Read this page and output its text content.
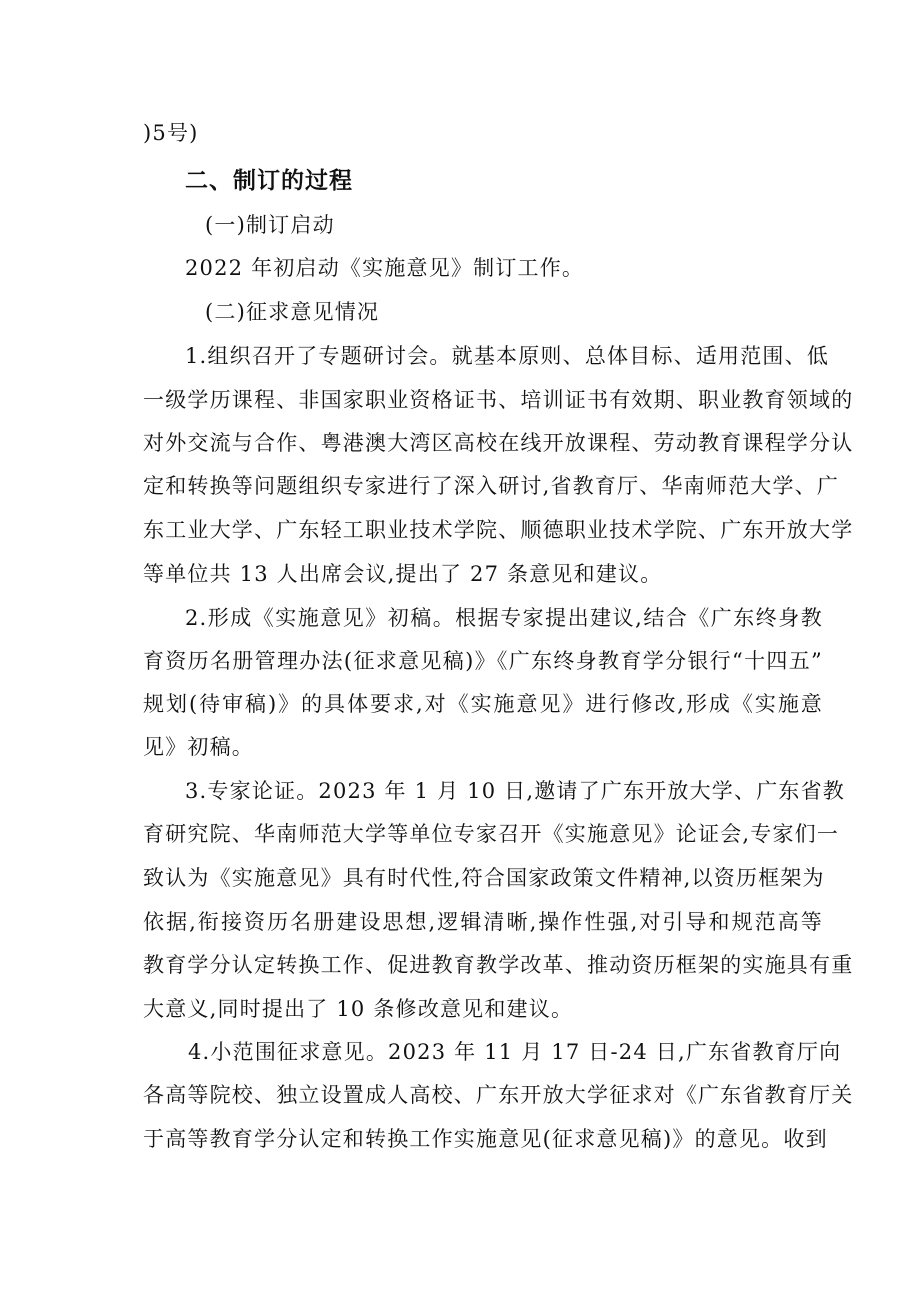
)5号)
二、制订的过程
(一)制订启动
2022 年初启动《实施意见》制订工作。
(二)征求意见情况
1.组织召开了专题研讨会。就基本原则、总体目标、适用范围、低
一级学历课程、非国家职业资格证书、培训证书有效期、职业教育领域的
对外交流与合作、粤港澳大湾区高校在线开放课程、劳动教育课程学分认
定和转换等问题组织专家进行了深入研讨,省教育厅、华南师范大学、广
东工业大学、广东轻工职业技术学院、顺德职业技术学院、广东开放大学
等单位共 13 人出席会议,提出了 27 条意见和建议。
2.形成《实施意见》初稿。根据专家提出建议,结合《广东终身教
育资历名册管理办法(征求意见稿)》《广东终身教育学分银行“十四五”
规划(待审稿)》的具体要求,对《实施意见》进行修改,形成《实施意
见》初稿。
3.专家论证。2023 年 1 月 10 日,邀请了广东开放大学、广东省教
育研究院、华南师范大学等单位专家召开《实施意见》论证会,专家们一
致认为《实施意见》具有时代性,符合国家政策文件精神,以资历框架为
依据,衔接资历名册建设思想,逻辑清晰,操作性强,对引导和规范高等
教育学分认定转换工作、促进教育教学改革、推动资历框架的实施具有重
大意义,同时提出了 10 条修改意见和建议。
4.小范围征求意见。2023 年 11 月 17 日-24 日,广东省教育厅向
各高等院校、独立设置成人高校、广东开放大学征求对《广东省教育厅关
于高等教育学分认定和转换工作实施意见(征求意见稿)》的意见。收到
